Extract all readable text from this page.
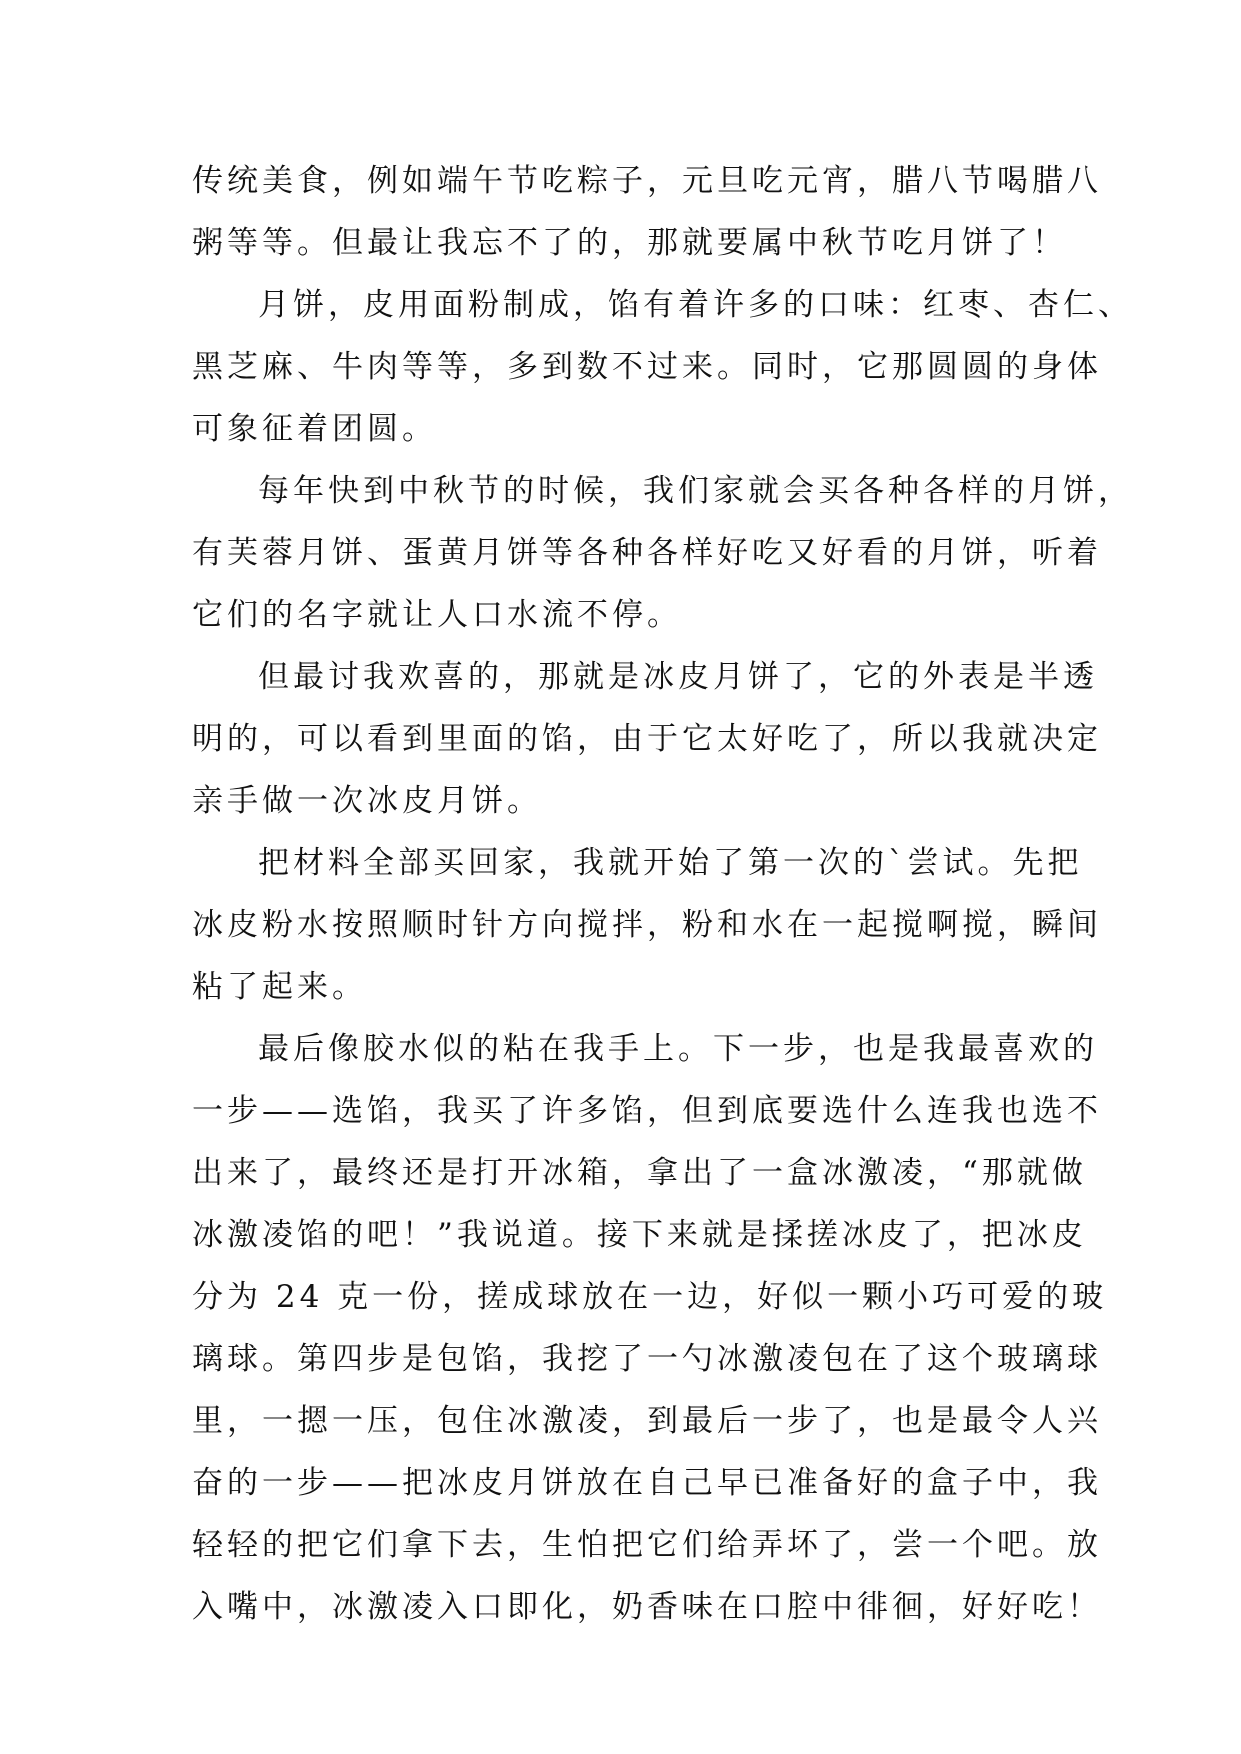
传统美食，例如端午节吃粽子，元旦吃元宵，腊八节喝腊八
粥等等。但最让我忘不了的，那就要属中秋节吃月饼了！
月饼，皮用面粉制成，馅有着许多的口味：红枣、杏仁、
黑芝麻、牛肉等等，多到数不过来。同时，它那圆圆的身体
可象征着团圆。
每年快到中秋节的时候，我们家就会买各种各样的月饼，
有芙蓉月饼、蛋黄月饼等各种各样好吃又好看的月饼，听着
它们的名字就让人口水流不停。
但最讨我欢喜的，那就是冰皮月饼了，它的外表是半透
明的，可以看到里面的馅，由于它太好吃了，所以我就决定
亲手做一次冰皮月饼。
把材料全部买回家，我就开始了第一次的`尝试。先把
冰皮粉水按照顺时针方向搅拌，粉和水在一起搅啊搅，瞬间
粘了起来。
最后像胶水似的粘在我手上。下一步，也是我最喜欢的
一步——选馅，我买了许多馅，但到底要选什么连我也选不
出来了，最终还是打开冰箱，拿出了一盒冰激凌，“那就做
冰激凌馅的吧！”我说道。接下来就是揉搓冰皮了，把冰皮
分为 24 克一份，搓成球放在一边，好似一颗小巧可爱的玻
璃球。第四步是包馅，我挖了一勺冰激凌包在了这个玻璃球
里，一摁一压，包住冰激凌，到最后一步了，也是最令人兴
奋的一步——把冰皮月饼放在自己早已准备好的盒子中，我
轻轻的把它们拿下去，生怕把它们给弄坏了，尝一个吧。放
入嘴中，冰激凌入口即化，奶香味在口腔中徘徊，好好吃！
